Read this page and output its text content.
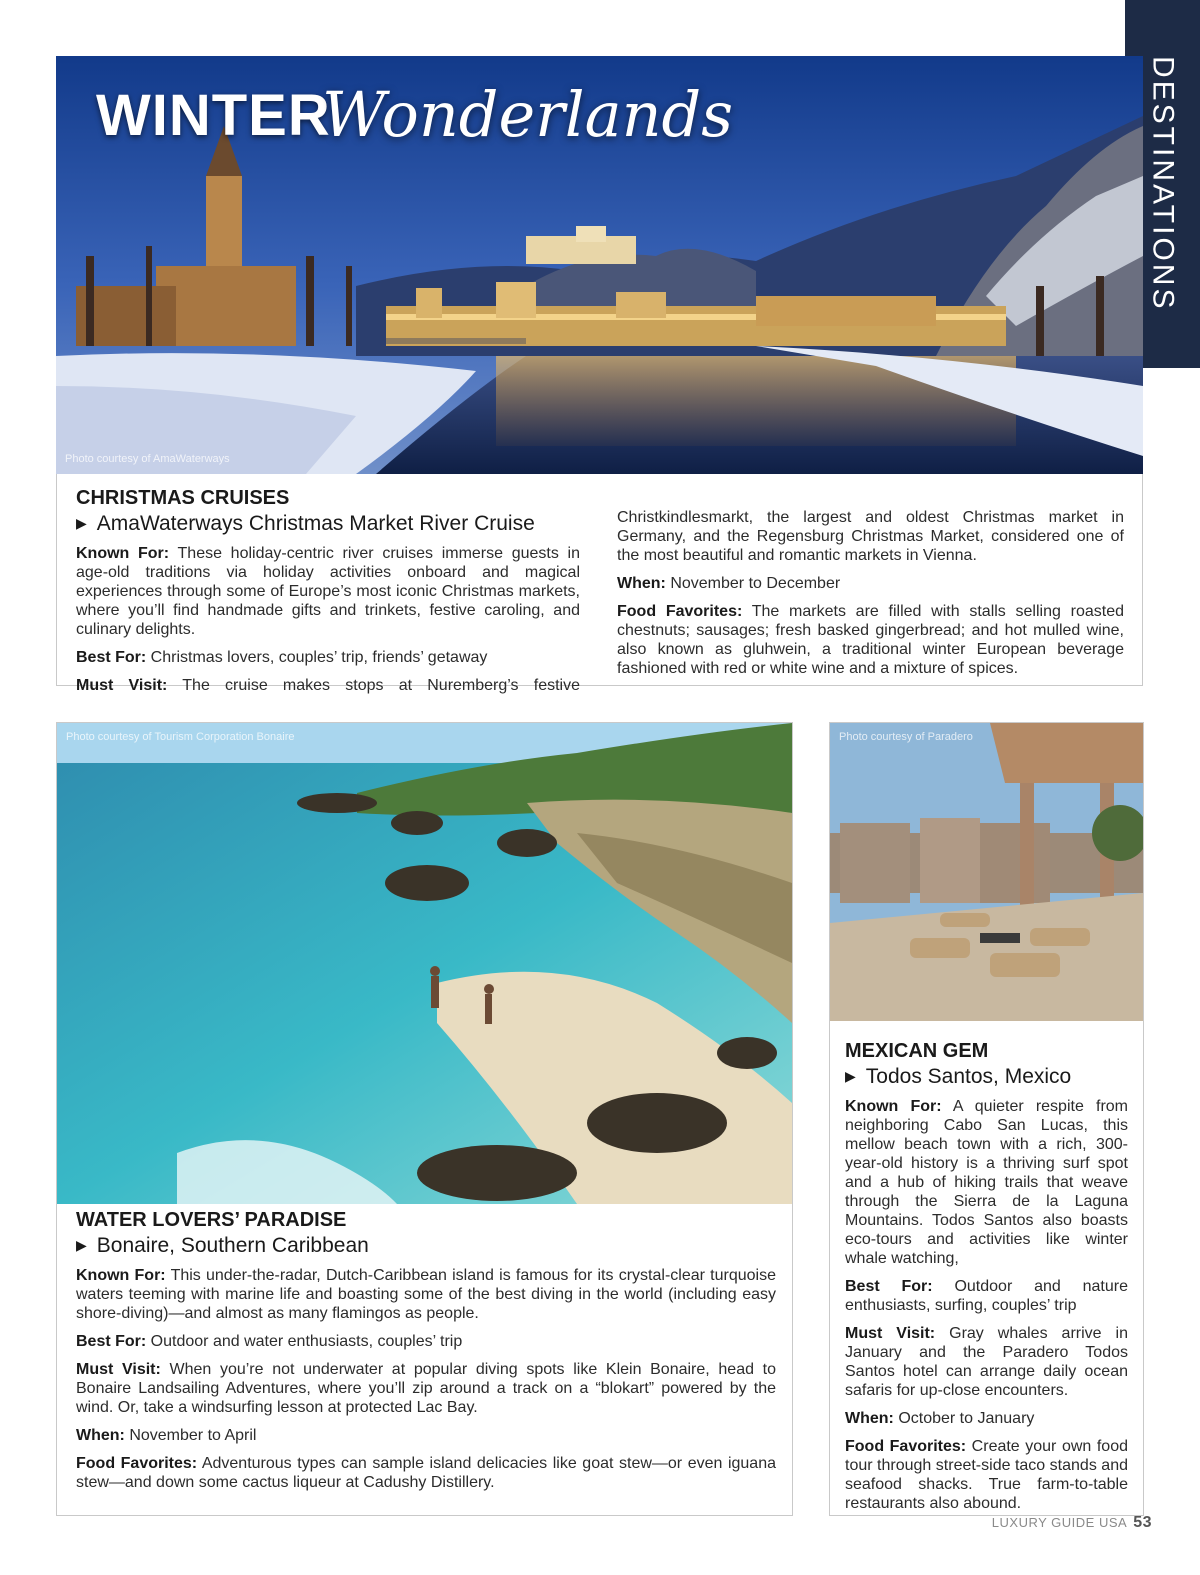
DESTINATIONS
WINTER
Wonderlands
Photo courtesy of AmaWaterways
CHRISTMAS CRUISES
▶ AmaWaterways Christmas Market River Cruise

Known For: These holiday-centric river cruises immerse guests in age-old traditions via holiday activities onboard and magical experiences through some of Europe’s most iconic Christmas markets, where you’ll find handmade gifts and trinkets, festive caroling, and culinary delights.

Best For: Christmas lovers, couples’ trip, friends’ getaway

Must Visit: The cruise makes stops at Nuremberg’s festive

Christkindlesmarkt, the largest and oldest Christmas market in Germany, and the Regensburg Christmas Market, considered one of the most beautiful and romantic markets in Vienna.

When: November to December

Food Favorites: The markets are filled with stalls selling roasted chestnuts; sausages; fresh basked gingerbread; and hot mulled wine, also known as gluhwein, a traditional winter European beverage fashioned with red or white wine and a mixture of spices.

Photo courtesy of Tourism Corporation Bonaire
WATER LOVERS’ PARADISE
▶ Bonaire, Southern Caribbean

Known For: This under-the-radar, Dutch-Caribbean island is famous for its crystal-clear turquoise waters teeming with marine life and boasting some of the best diving in the world (including easy shore-diving)—and almost as many flamingos as people.

Best For: Outdoor and water enthusiasts, couples’ trip

Must Visit: When you’re not underwater at popular diving spots like Klein Bonaire, head to Bonaire Landsailing Adventures, where you’ll zip around a track on a “blokart” powered by the wind. Or, take a windsurfing lesson at protected Lac Bay.

When: November to April

Food Favorites: Adventurous types can sample island delicacies like goat stew—or even iguana stew—and down some cactus liqueur at Cadushy Distillery.

Photo courtesy of Paradero
MEXICAN GEM
▶ Todos Santos, Mexico

Known For: A quieter respite from neighboring Cabo San Lucas, this mellow beach town with a rich, 300-year-old history is a thriving surf spot and a hub of hiking trails that weave through the Sierra de la Laguna Mountains. Todos Santos also boasts eco-tours and activities like winter whale watching,

Best For: Outdoor and nature enthusiasts, surfing, couples’ trip

Must Visit: Gray whales arrive in January and the Paradero Todos Santos hotel can arrange daily ocean safaris for up-close encounters.

When: October to January

Food Favorites: Create your own food tour through street-side taco stands and seafood shacks. True farm-to-table restaurants also abound.

LUXURY GUIDE USA 53
